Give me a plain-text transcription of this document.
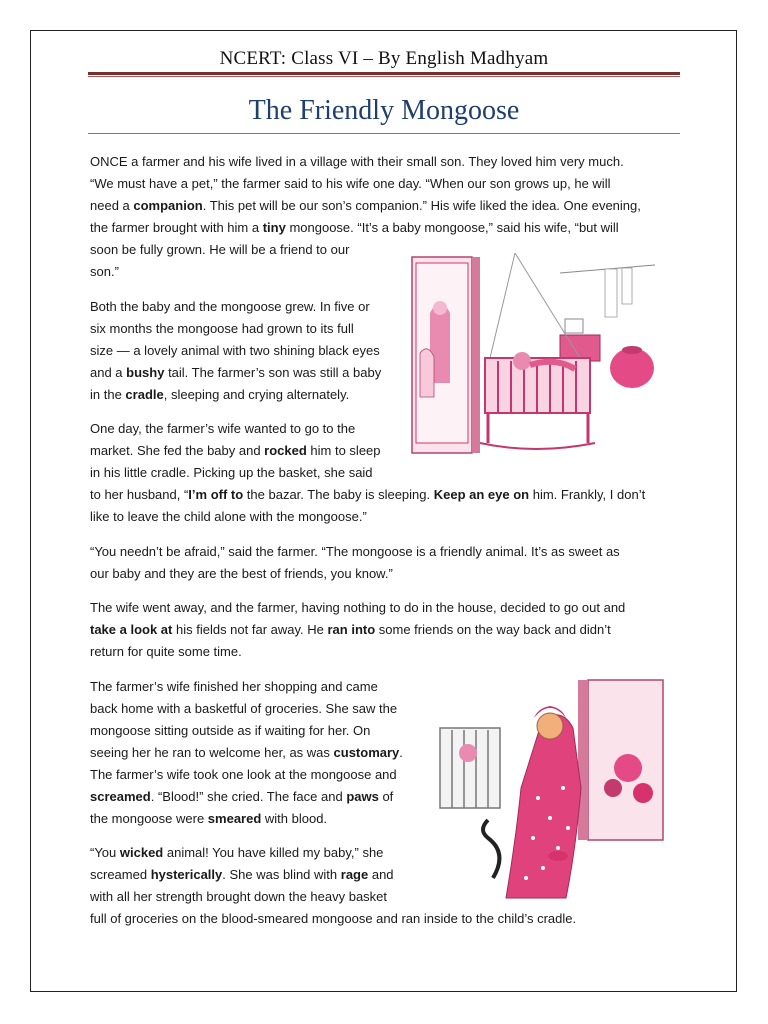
NCERT: Class VI – By English Madhyam
The Friendly Mongoose

ONCE a farmer and his wife lived in a village with their small son. They loved him very much.
“We must have a pet,” the farmer said to his wife one day. “When our son grows up, he will
need a companion. This pet will be our son’s companion.” His wife liked the idea. One evening,
the farmer brought with him a tiny mongoose. “It’s a baby mongoose,” said his wife, “but will
soon be fully grown. He will be a friend to our
son.”

Both the baby and the mongoose grew. In five or
six months the mongoose had grown to its full
size — a lovely animal with two shining black eyes
and a bushy tail. The farmer’s son was still a baby
in the cradle, sleeping and crying alternately.

One day, the farmer’s wife wanted to go to the
market. She fed the baby and rocked him to sleep
in his little cradle. Picking up the basket, she said
to her husband, “I’m off to the bazar. The baby is sleeping. Keep an eye on him. Frankly, I don’t
like to leave the child alone with the mongoose.”

“You needn’t be afraid,” said the farmer. “The mongoose is a friendly animal. It’s as sweet as
our baby and they are the best of friends, you know.”

The wife went away, and the farmer, having nothing to do in the house, decided to go out and
take a look at his fields not far away. He ran into some friends on the way back and didn’t
return for quite some time.

The farmer’s wife finished her shopping and came
back home with a basketful of groceries. She saw the
mongoose sitting outside as if waiting for her. On
seeing her he ran to welcome her, as was customary.
The farmer’s wife took one look at the mongoose and
screamed. “Blood!” she cried. The face and paws of
the mongoose were smeared with blood.

“You wicked animal! You have killed my baby,” she
screamed hysterically. She was blind with rage and
with all her strength brought down the heavy basket
full of groceries on the blood-smeared mongoose and ran inside to the child’s cradle.
